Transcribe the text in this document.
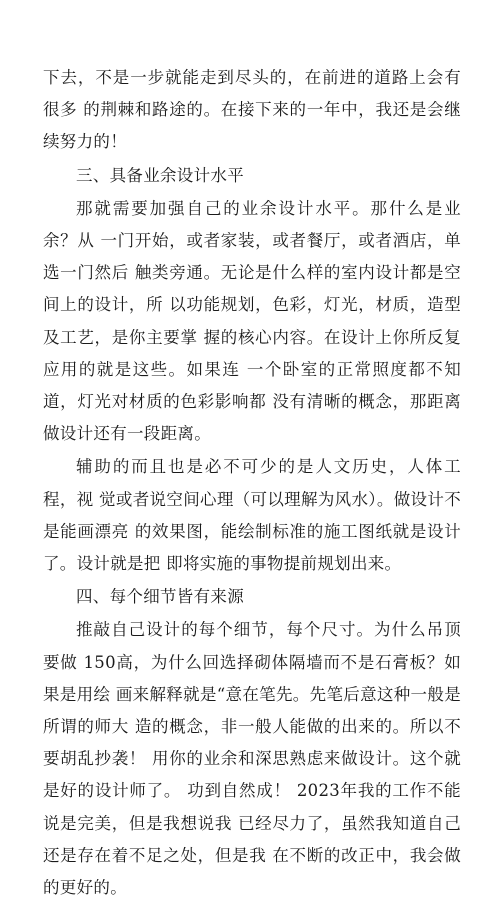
下去，不是一步就能走到尽头的，在前进的道路上会有很多 的荆棘和路途的。在接下来的一年中，我还是会继续努力的！

三、具备业余设计水平

那就需要加强自己的业余设计水平。那什么是业余？从 一门开始，或者家装，或者餐厅，或者酒店，单选一门然后 触类旁通。无论是什么样的室内设计都是空间上的设计，所 以功能规划，色彩，灯光，材质，造型及工艺，是你主要掌 握的核心内容。在设计上你所反复应用的就是这些。如果连 一个卧室的正常照度都不知道，灯光对材质的色彩影响都 没有清晰的概念，那距离做设计还有一段距离。

辅助的而且也是必不可少的是人文历史，人体工程，视 觉或者说空间心理（可以理解为风水）。做设计不是能画漂亮 的效果图，能绘制标准的施工图纸就是设计了。设计就是把 即将实施的事物提前规划出来。

四、每个细节皆有来源

推敲自己设计的每个细节，每个尺寸。为什么吊顶要做 150高，为什么回选择砌体隔墙而不是石膏板？如果是用绘 画来解释就是“意在笔先。先笔后意这种一般是所谓的师大 造的概念，非一般人能做的出来的。所以不要胡乱抄袭！ 用你的业余和深思熟虑来做设计。这个就是好的设计师了。 功到自然成！ 2023年我的工作不能说是完美，但是我想说我 已经尽力了，虽然我知道自己还是存在着不足之处，但是我 在不断的改正中，我会做的更好的。
